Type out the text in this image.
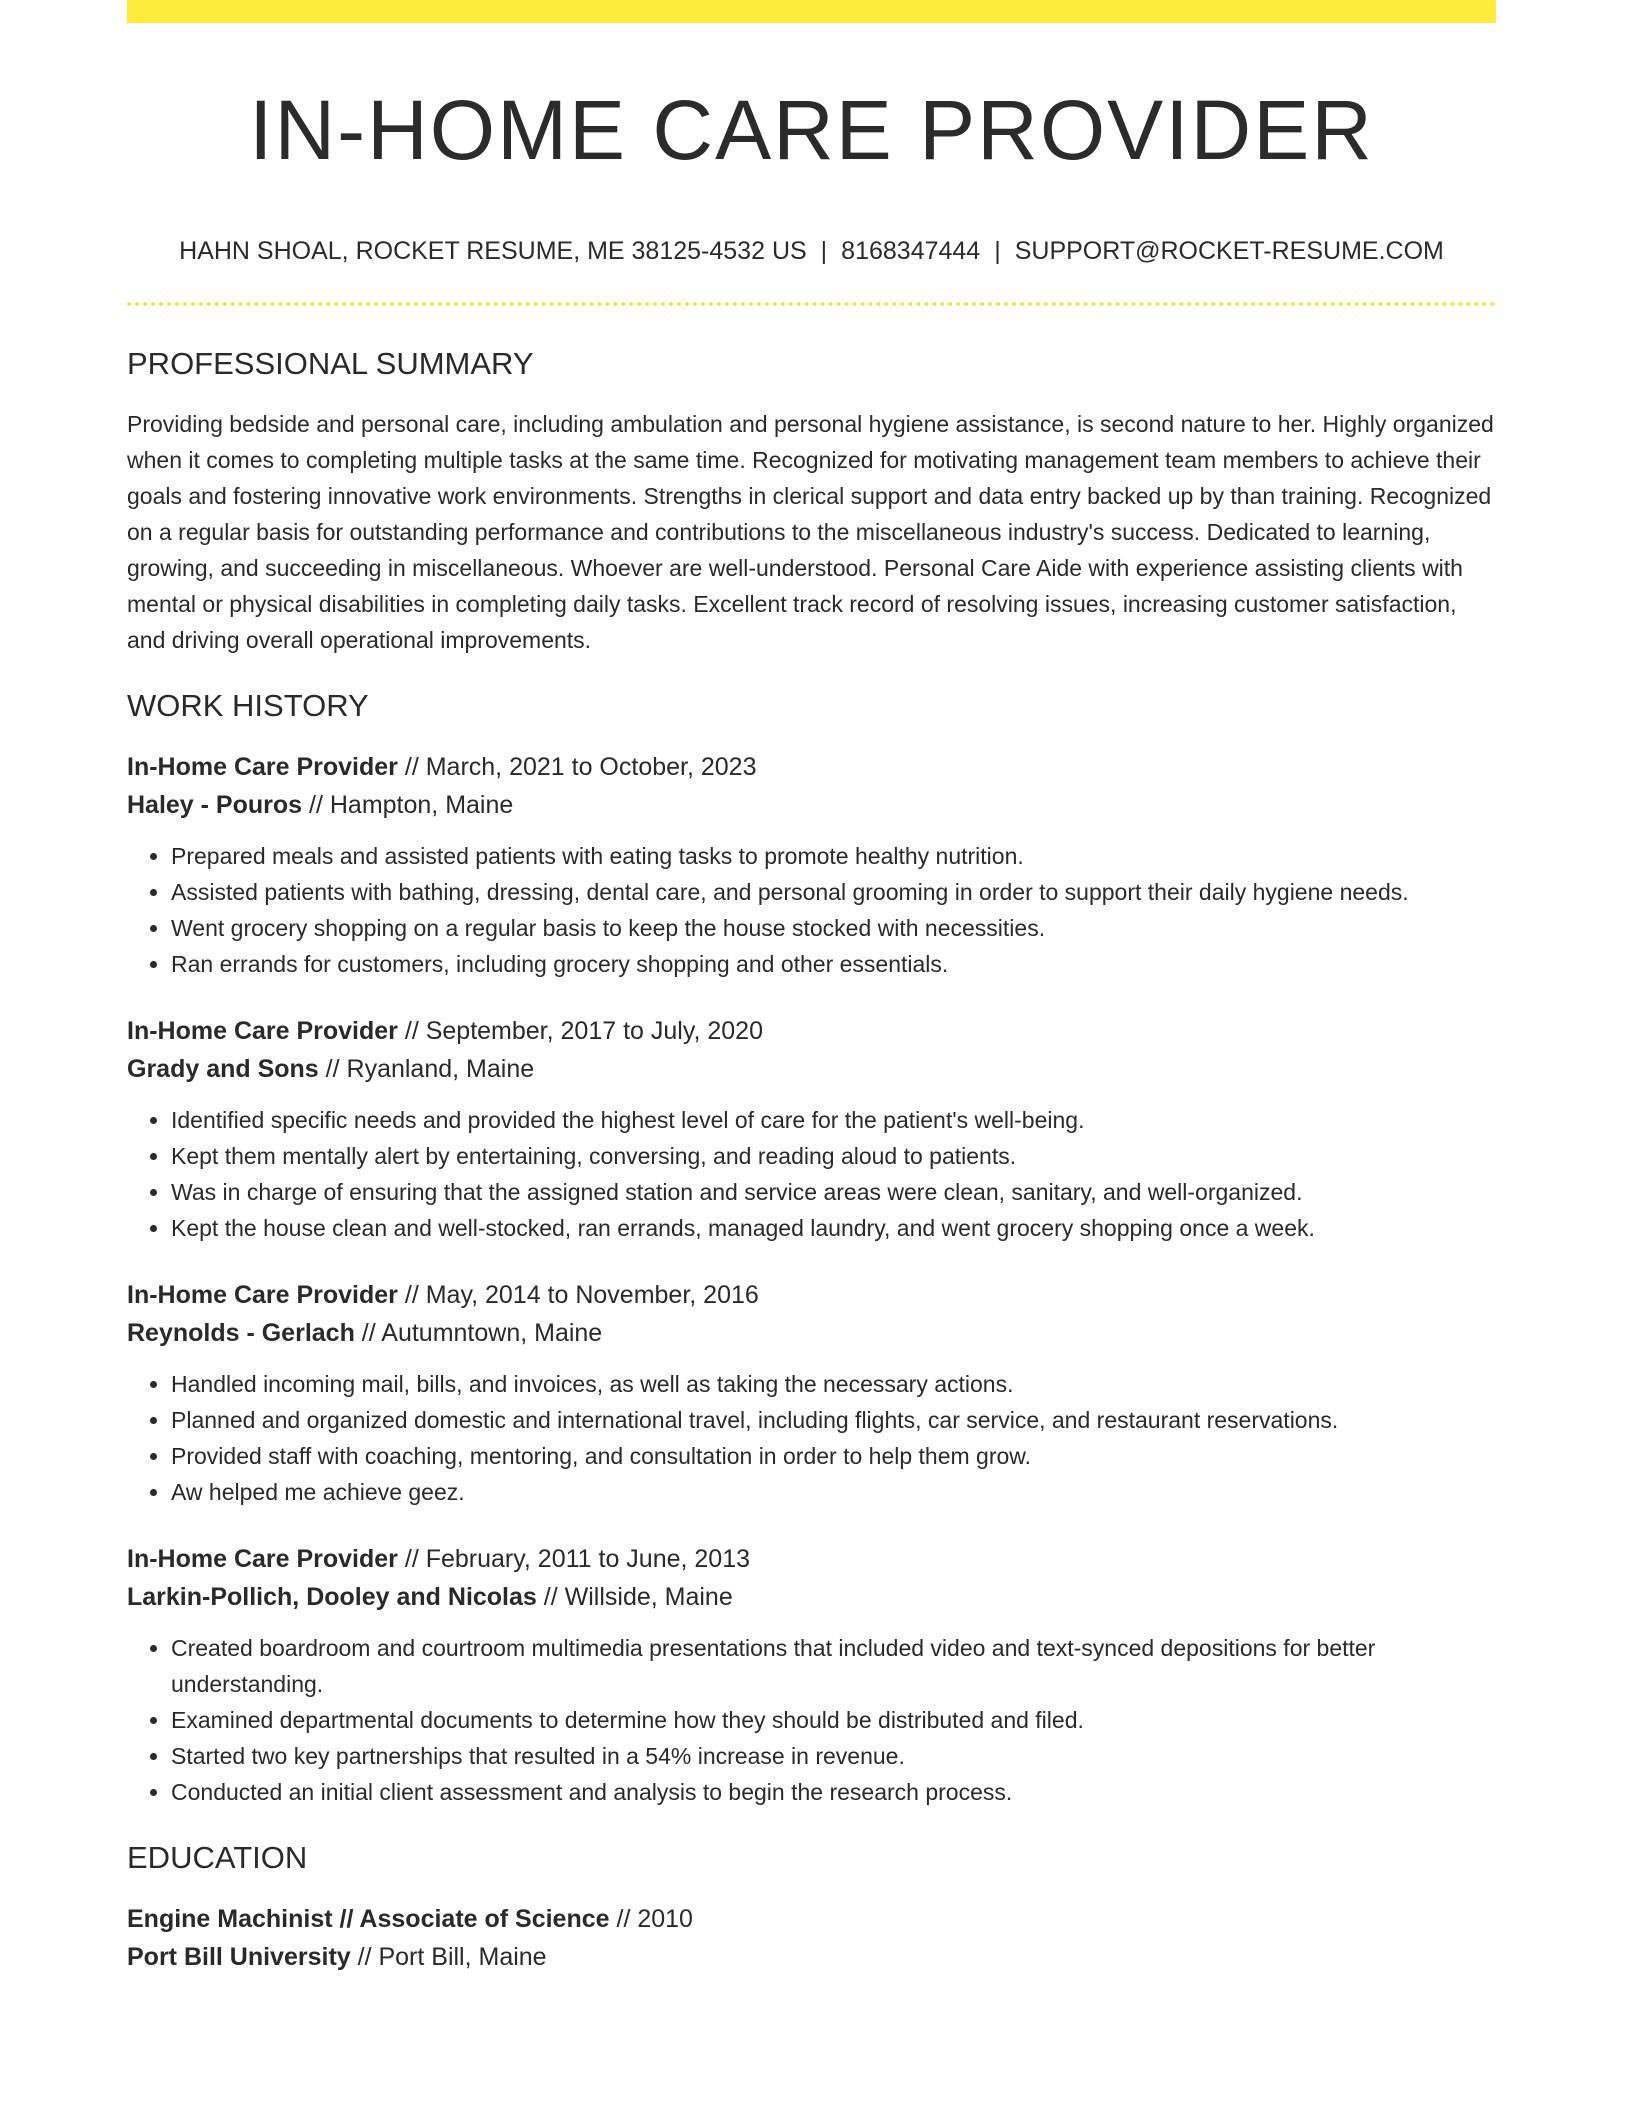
IN-HOME CARE PROVIDER
HAHN SHOAL, ROCKET RESUME, ME 38125-4532 US | 8168347444 | SUPPORT@ROCKET-RESUME.COM
PROFESSIONAL SUMMARY

Providing bedside and personal care, including ambulation and personal hygiene assistance, is second nature to her. Highly organized when it comes to completing multiple tasks at the same time. Recognized for motivating management team members to achieve their goals and fostering innovative work environments. Strengths in clerical support and data entry backed up by than training. Recognized on a regular basis for outstanding performance and contributions to the miscellaneous industry's success. Dedicated to learning, growing, and succeeding in miscellaneous. Whoever are well-understood. Personal Care Aide with experience assisting clients with mental or physical disabilities in completing daily tasks. Excellent track record of resolving issues, increasing customer satisfaction, and driving overall operational improvements.

WORK HISTORY
In-Home Care Provider // March, 2021 to October, 2023
Haley - Pouros // Hampton, Maine
• Prepared meals and assisted patients with eating tasks to promote healthy nutrition.
• Assisted patients with bathing, dressing, dental care, and personal grooming in order to support their daily hygiene needs.
• Went grocery shopping on a regular basis to keep the house stocked with necessities.
• Ran errands for customers, including grocery shopping and other essentials.
In-Home Care Provider // September, 2017 to July, 2020
Grady and Sons // Ryanland, Maine
• Identified specific needs and provided the highest level of care for the patient's well-being.
• Kept them mentally alert by entertaining, conversing, and reading aloud to patients.
• Was in charge of ensuring that the assigned station and service areas were clean, sanitary, and well-organized.
• Kept the house clean and well-stocked, ran errands, managed laundry, and went grocery shopping once a week.
In-Home Care Provider // May, 2014 to November, 2016
Reynolds - Gerlach // Autumntown, Maine
• Handled incoming mail, bills, and invoices, as well as taking the necessary actions.
• Planned and organized domestic and international travel, including flights, car service, and restaurant reservations.
• Provided staff with coaching, mentoring, and consultation in order to help them grow.
• Aw helped me achieve geez.
In-Home Care Provider // February, 2011 to June, 2013
Larkin-Pollich, Dooley and Nicolas // Willside, Maine
• Created boardroom and courtroom multimedia presentations that included video and text-synced depositions for better understanding.
• Examined departmental documents to determine how they should be distributed and filed.
• Started two key partnerships that resulted in a 54% increase in revenue.
• Conducted an initial client assessment and analysis to begin the research process.
EDUCATION
Engine Machinist // Associate of Science // 2010
Port Bill University // Port Bill, Maine
